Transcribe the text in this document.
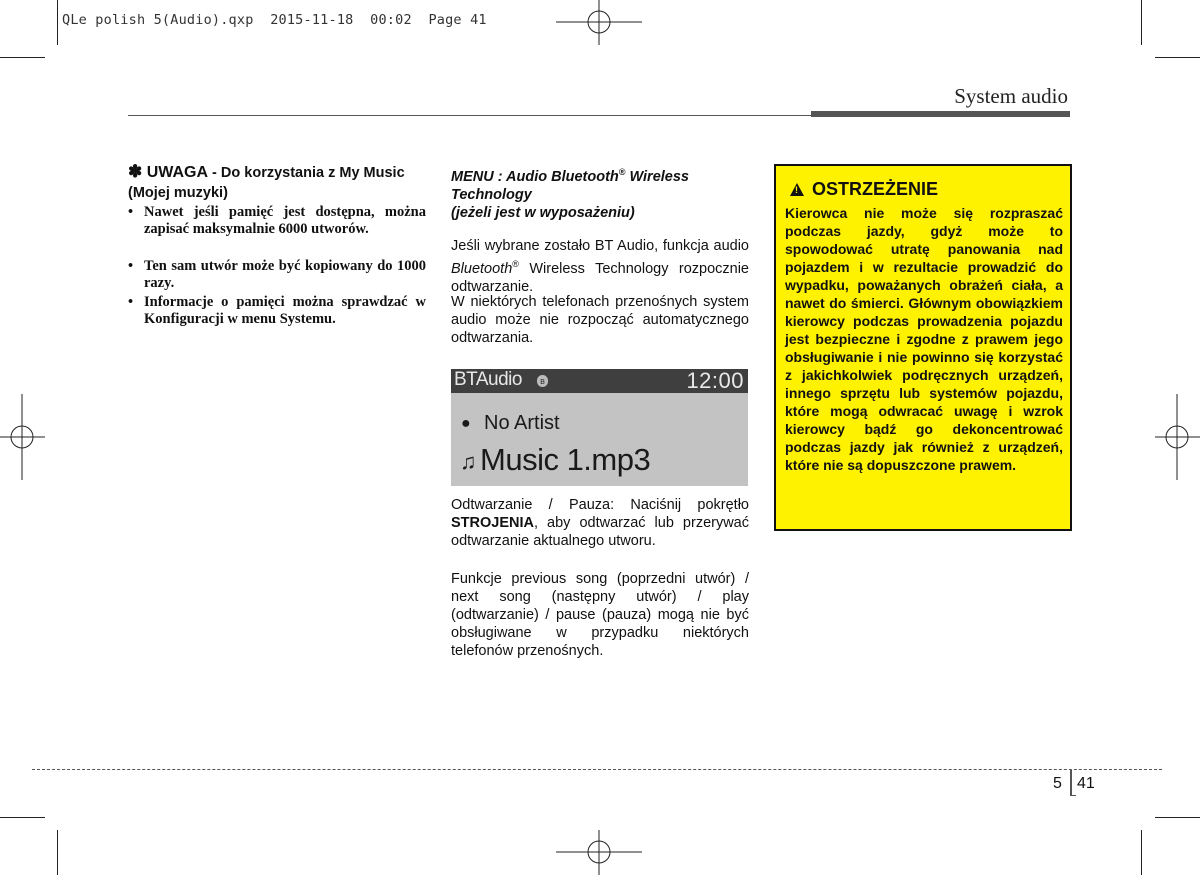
QLe polish 5(Audio).qxp 2015-11-18 00:02 Page 41
System audio
✽ UWAGA - Do korzystania z My Music (Mojej muzyki)
• Nawet jeśli pamięć jest dostępna, można zapisać maksymalnie 6000 utworów.
• Ten sam utwór może być kopiowany do 1000 razy.
• Informacje o pamięci można sprawdzać w Konfiguracji w menu Systemu.
MENU : Audio Bluetooth® Wireless Technology
(jeżeli jest w wyposażeniu)
Jeśli wybrane zostało BT Audio, funkcja audio Bluetooth® Wireless Technology rozpocznie odtwarzanie.
W niektórych telefonach przenośnych system audio może nie rozpocząć automatycznego odtwarzania.
BTAudio	ʙ	12:00
● No Artist
♫ Music 1.mp3
Odtwarzanie / Pauza: Naciśnij pokrętło STROJENIA, aby odtwarzać lub przerywać odtwarzanie aktualnego utworu.
Funkcje previous song (poprzedni utwór) / next song (następny utwór) / play (odtwarzanie) / pause (pauza) mogą nie być obsługiwane w przypadku niektórych telefonów przenośnych.
!OSTRZEŻENIE
Kierowca nie może się rozpraszać podczas jazdy, gdyż może to spowodować utratę panowania nad pojazdem i w rezultacie prowadzić do wypadku, poważanych obrażeń ciała, a nawet do śmierci. Głównym obowiązkiem kierowcy podczas prowadzenia pojazdu jest bezpieczne i zgodne z prawem jego obsługiwanie i nie powinno się korzystać z jakichkolwiek podręcznych urządzeń, innego sprzętu lub systemów pojazdu, które mogą odwracać uwagę i wzrok kierowcy bądź go dekoncentrować podczas jazdy jak również z urządzeń, które nie są dopuszczone prawem.
5 41
